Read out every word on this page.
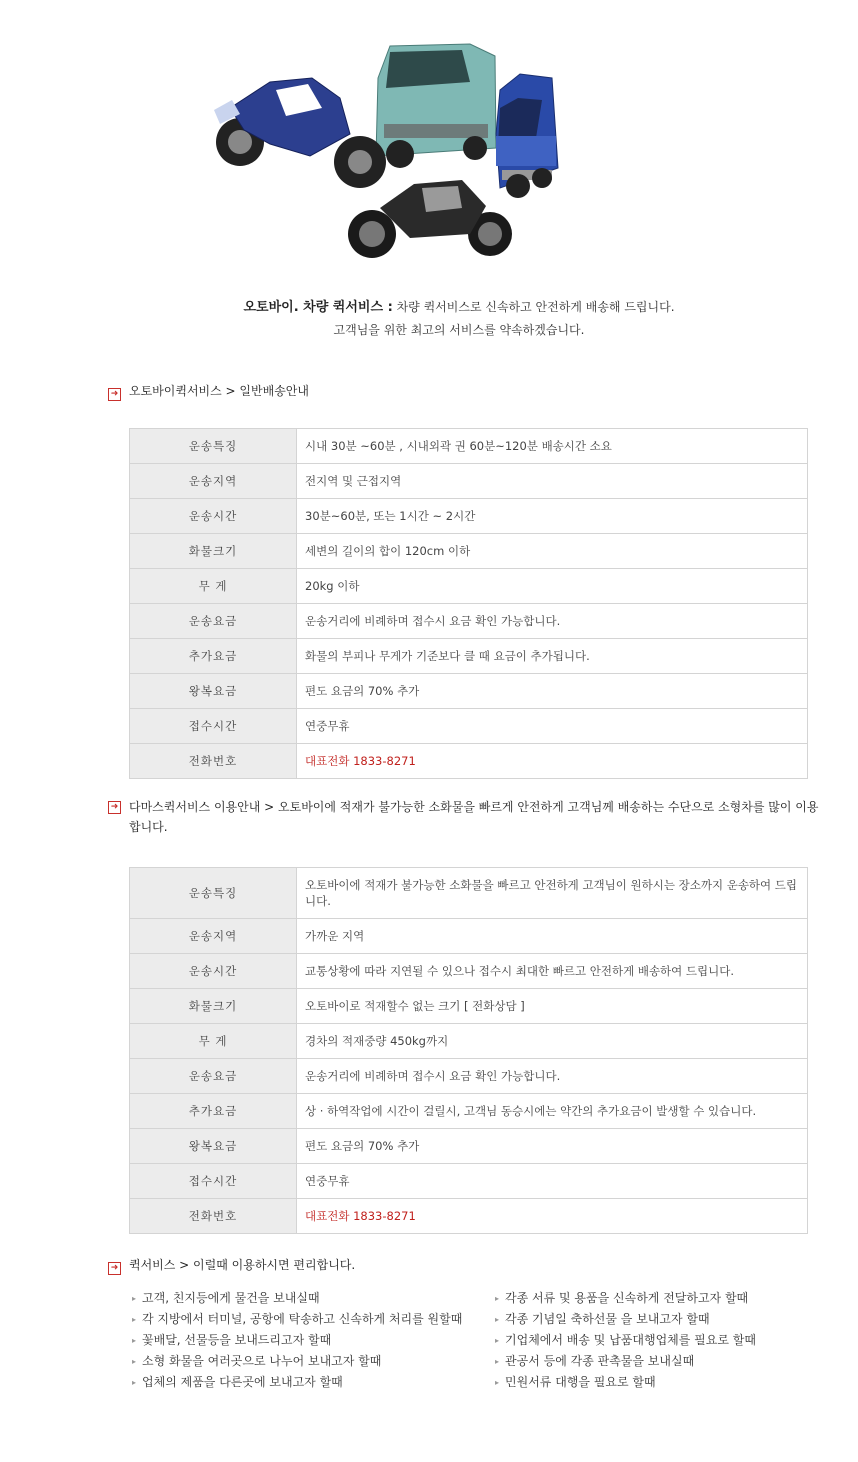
오토바이. 차량 퀵서비스 : 차량 퀵서비스로 신속하고 안전하게 배송해 드립니다.
고객님을 위한 최고의 서비스를 약속하겠습니다.
➜ 오토바이퀵서비스 > 일반배송안내
운송특징	시내 30분 ~60분 , 시내외곽 권 60분~120분 배송시간 소요
운송지역	전지역 및 근접지역
운송시간	30분~60분, 또는 1시간 ~ 2시간
화물크기	세변의 길이의 합이 120cm 이하
무 게	20kg 이하
운송요금	운송거리에 비례하며 접수시 요금 확인 가능합니다.
추가요금	화물의 부피나 무게가 기준보다 클 때 요금이 추가됩니다.
왕복요금	편도 요금의 70% 추가
접수시간	연중무휴
전화번호	대표전화 1833-8271
➜ 다마스퀵서비스 이용안내 > 오토바이에 적재가 불가능한 소화물을 빠르게 안전하게 고객님께 배송하는 수단으로 소형차를 많이 이용합니다.
운송특징	오토바이에 적재가 불가능한 소화물을 빠르고 안전하게 고객님이 원하시는 장소까지 운송하여 드립니다.
운송지역	가까운 지역
운송시간	교통상황에 따라 지연될 수 있으나 접수시 최대한 빠르고 안전하게 배송하여 드립니다.
화물크기	오토바이로 적재할수 없는 크기 [ 전화상담 ]
무 게	경차의 적재중량 450kg까지
운송요금	운송거리에 비례하며 접수시 요금 확인 가능합니다.
추가요금	상 · 하역작업에 시간이 걸릴시, 고객님 동승시에는 약간의 추가요금이 발생할 수 있습니다.
왕복요금	편도 요금의 70% 추가
접수시간	연중무휴
전화번호	대표전화 1833-8271
➜ 퀵서비스 > 이럴때 이용하시면 편리합니다.
▸ 고객, 친지등에게 물건을 보내실때
▸ 각 지방에서 터미널, 공항에 탁송하고 신속하게 처리를 원할때
▸ 꽃배달, 선물등을 보내드리고자 할때
▸ 소형 화물을 여러곳으로 나누어 보내고자 할때
▸ 업체의 제품을 다른곳에 보내고자 할때
▸ 각종 서류 및 용품을 신속하게 전달하고자 할때
▸ 각종 기념일 축하선물 을 보내고자 할때
▸ 기업체에서 배송 및 납품대행업체를 필요로 할때
▸ 관공서 등에 각종 판촉물을 보내실때
▸ 민원서류 대행을 필요로 할때
